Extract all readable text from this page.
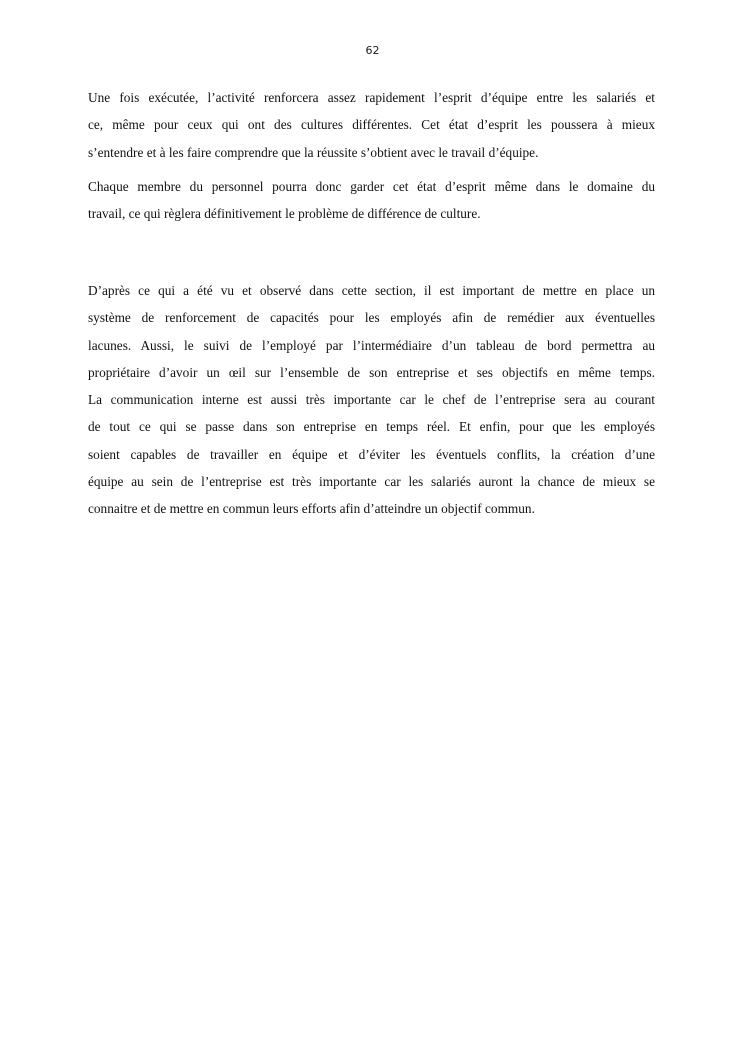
62

Une fois exécutée, l’activité renforcera assez rapidement l’esprit d’équipe entre les salariés et
ce, même pour ceux qui ont des cultures différentes. Cet état d’esprit les poussera à mieux
s’entendre et à les faire comprendre que la réussite s’obtient avec le travail d’équipe.

Chaque membre du personnel pourra donc garder cet état d’esprit même dans le domaine du
travail, ce qui règlera définitivement le problème de différence de culture.

D’après ce qui a été vu et observé dans cette section, il est important de mettre en place un
système de renforcement de capacités pour les employés afin de remédier aux éventuelles
lacunes. Aussi, le suivi de l’employé par l’intermédiaire d’un tableau de bord permettra au
propriétaire d’avoir un œil sur l’ensemble de son entreprise et ses objectifs en même temps.
La communication interne est aussi très importante car le chef de l’entreprise sera au courant
de tout ce qui se passe dans son entreprise en temps réel. Et enfin, pour que les employés
soient capables de travailler en équipe et d’éviter les éventuels conflits, la création d’une
équipe au sein de l’entreprise est très importante car les salariés auront la chance de mieux se
connaitre et de mettre en commun leurs efforts afin d’atteindre un objectif commun.
